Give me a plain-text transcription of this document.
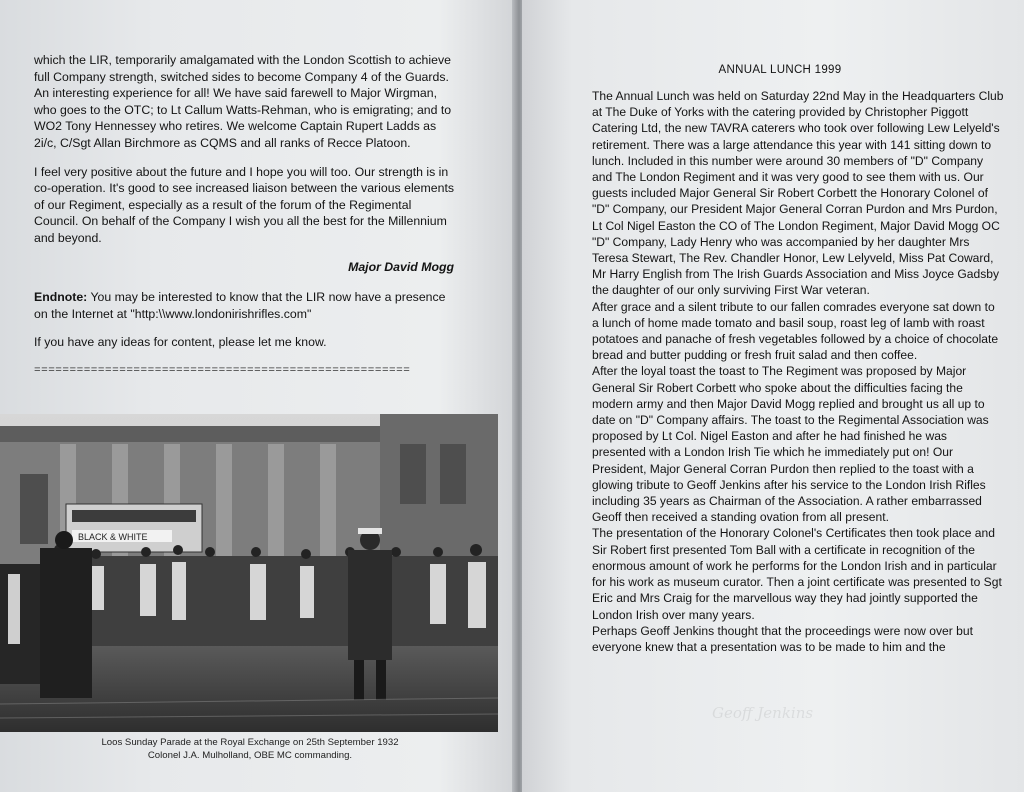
which the LIR, temporarily amalgamated with the London Scottish to achieve full Company strength, switched sides to become Company 4 of the Guards. An interesting experience for all! We have said farewell to Major Wirgman, who goes to the OTC; to Lt Callum Watts-Rehman, who is emigrating; and to WO2 Tony Hennessey who retires. We welcome Captain Rupert Ladds as 2i/c, C/Sgt Allan Birchmore as CQMS and all ranks of Recce Platoon.

I feel very positive about the future and I hope you will too. Our strength is in co-operation. It's good to see increased liaison between the various elements of our Regiment, especially as a result of the forum of the Regimental Council. On behalf of the Company I wish you all the best for the Millennium and beyond.

Major David Mogg

Endnote: You may be interested to know that the LIR now have a presence on the Internet at "http:\\www.londonirishrifles.com"

If you have any ideas for content, please let me know.

=====================================================
BLACK & WHITE
Loos Sunday Parade at the Royal Exchange on 25th September 1932
Colonel J.A. Mulholland, OBE MC commanding.
ANNUAL LUNCH 1999

The Annual Lunch was held on Saturday 22nd May in the Headquarters Club at The Duke of Yorks with the catering provided by Christopher Piggott Catering Ltd, the new TAVRA caterers who took over following Lew Lelyeld's retirement. There was a large attendance this year with 141 sitting down to lunch. Included in this number were around 30 members of "D" Company and The London Regiment and it was very good to see them with us. Our guests included Major General Sir Robert Corbett the Honorary Colonel of "D" Company, our President Major General Corran Purdon and Mrs Purdon, Lt Col Nigel Easton the CO of The London Regiment, Major David Mogg OC "D" Company, Lady Henry who was accompanied by her daughter Mrs Teresa Stewart, The Rev. Chandler Honor, Lew Lelyveld, Miss Pat Coward, Mr Harry English from The Irish Guards Association and Miss Joyce Gadsby the daughter of our only surviving First War veteran.

After grace and a silent tribute to our fallen comrades everyone sat down to a lunch of home made tomato and basil soup, roast leg of lamb with roast potatoes and panache of fresh vegetables followed by a choice of chocolate bread and butter pudding or fresh fruit salad and then coffee.

After the loyal toast the toast to The Regiment was proposed by Major General Sir Robert Corbett who spoke about the difficulties facing the modern army and then Major David Mogg replied and brought us all up to date on "D" Company affairs. The toast to the Regimental Association was proposed by Lt Col. Nigel Easton and after he had finished he was presented with a London Irish Tie which he immediately put on! Our President, Major General Corran Purdon then replied to the toast with a glowing tribute to Geoff Jenkins after his service to the London Irish Rifles including 35 years as Chairman of the Association. A rather embarrassed Geoff then received a standing ovation from all present.

The presentation of the Honorary Colonel's Certificates then took place and Sir Robert first presented Tom Ball with a certificate in recognition of the enormous amount of work he performs for the London Irish and in particular for his work as museum curator. Then a joint certificate was presented to Sgt Eric and Mrs Craig for the marvellous way they had jointly supported the London Irish over many years.

Perhaps Geoff Jenkins thought that the proceedings were now over but everyone knew that a presentation was to be made to him and the

Geoff Jenkins
